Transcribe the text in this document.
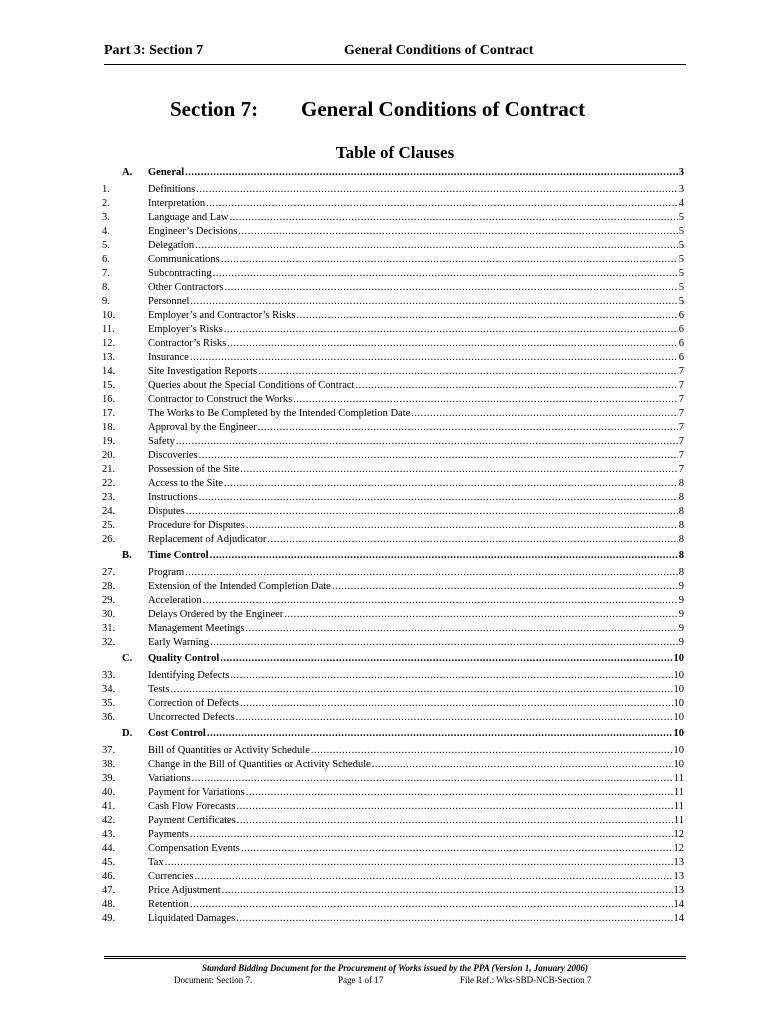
Part 3: Section 7	General Conditions of Contract
Section 7: General Conditions of Contract
Table of Clauses
A.	General .....	3
1.	Definitions .....	3
2.	Interpretation .....	4
3.	Language and Law .....	5
4.	Engineer’s Decisions .....	5
5.	Delegation .....	5
6.	Communications .....	5
7.	Subcontracting .....	5
8.	Other Contractors .....	5
9.	Personnel .....	5
10.	Employer’s and Contractor’s Risks .....	6
11.	Employer’s Risks .....	6
12.	Contractor’s Risks .....	6
13.	Insurance .....	6
14.	Site Investigation Reports .....	7
15.	Queries about the Special Conditions of Contract .....	7
16.	Contractor to Construct the Works .....	7
17.	The Works to Be Completed by the Intended Completion Date .....	7
18.	Approval by the Engineer .....	7
19.	Safety .....	7
20.	Discoveries .....	7
21.	Possession of the Site .....	7
22.	Access to the Site .....	8
23.	Instructions .....	8
24.	Disputes .....	8
25.	Procedure for Disputes .....	8
26.	Replacement of Adjudicator .....	8
B.	Time Control .....	8
27.	Program .....	8
28.	Extension of the Intended Completion Date .....	9
29.	Acceleration .....	9
30.	Delays Ordered by the Engineer .....	9
31.	Management Meetings .....	9
32.	Early Warning .....	9
C.	Quality Control .....	10
33.	Identifying Defects .....	10
34.	Tests .....	10
35.	Correction of Defects .....	10
36.	Uncorrected Defects .....	10
D.	Cost Control .....	10
37.	Bill of Quantities or Activity Schedule .....	10
38.	Change in the Bill of Quantities or Activity Schedule .....	10
39.	Variations .....	11
40.	Payment for Variations .....	11
41.	Cash Flow Forecasts .....	11
42.	Payment Certificates .....	11
43.	Payments .....	12
44.	Compensation Events .....	12
45.	Tax .....	13
46.	Currencies .....	13
47.	Price Adjustment .....	13
48.	Retention .....	14
49.	Liquidated Damages .....	14
Standard Bidding Document for the Procurement of Works issued by the PPA (Version 1, January 2006)
Document: Section 7.	Page 1 of 17	File Ref.: Wks-SBD-NCB-Section 7
